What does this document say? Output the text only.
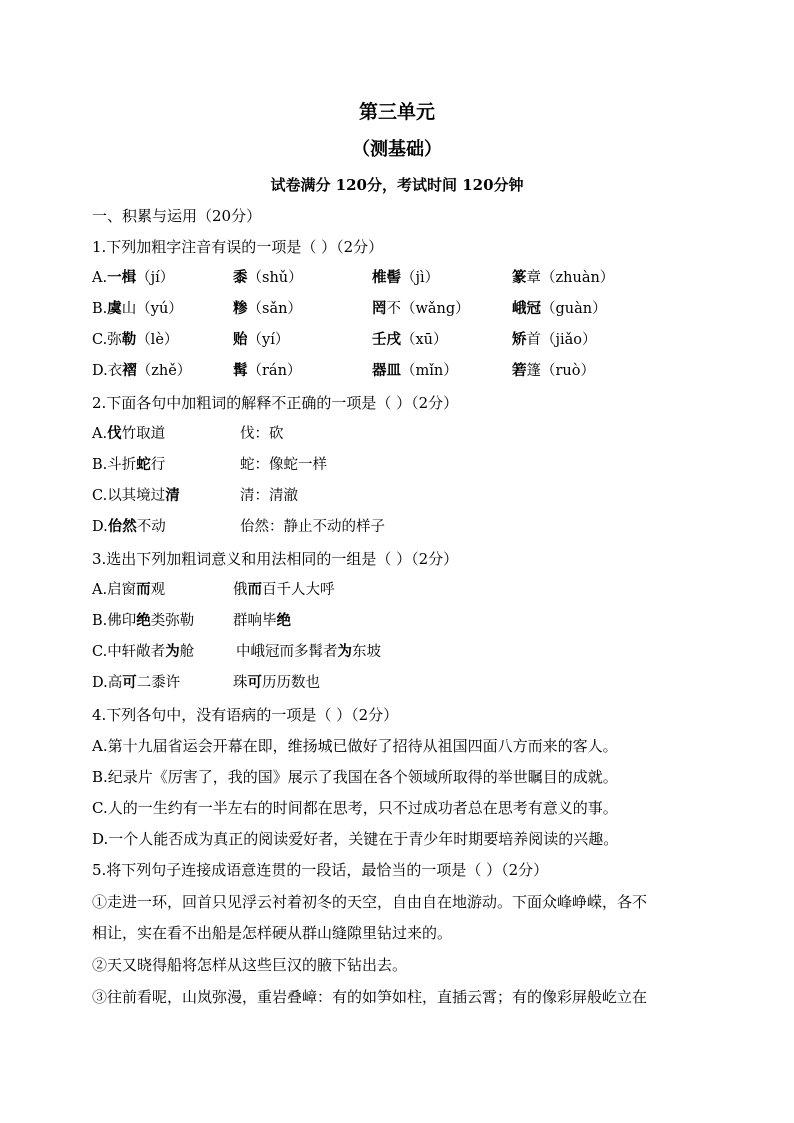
第三单元
（测基础）
试卷满分 120分，考试时间 120分钟
一、积累与运用（20分）
1.下列加粗字注音有误的一项是（ ）（2分）
A.一楫（jí）	黍（shǔ）	椎髻（jì）	篆章（zhuàn）
B.虞山（yú）	糁（sǎn）	罔不（wǎng）	峨冠（guàn）
C.弥勒（lè）	贻（yí）	壬戌（xū）	矫首（jiǎo）
D.衣褶（zhě）	髯（rán）	器皿（mǐn）	箬篷（ruò）
2.下面各句中加粗词的解释不正确的一项是（ ）（2分）
A.伐竹取道	伐：砍
B.斗折蛇行	蛇：像蛇一样
C.以其境过清	清：清澈
D.佁然不动	佁然：静止不动的样子
3.选出下列加粗词意义和用法相同的一组是（ ）（2分）
A.启窗而观	俄而百千人大呼
B.佛印绝类弥勒	群响毕绝
C.中轩敞者为舱	中峨冠而多髯者为东坡
D.高可二黍许	珠可历历数也
4.下列各句中，没有语病的一项是（ ）（2分）
A.第十九届省运会开幕在即，维扬城已做好了招待从祖国四面八方而来的客人。
B.纪录片《厉害了，我的国》展示了我国在各个领域所取得的举世瞩目的成就。
C.人的一生约有一半左右的时间都在思考，只不过成功者总在思考有意义的事。
D.一个人能否成为真正的阅读爱好者，关键在于青少年时期要培养阅读的兴趣。
5.将下列句子连接成语意连贯的一段话，最恰当的一项是（ ）（2分）
①走进一环，回首只见浮云衬着初冬的天空，自由自在地游动。下面众峰峥嵘，各不
相让，实在看不出船是怎样硬从群山缝隙里钻过来的。
②天又晓得船将怎样从这些巨汉的腋下钻出去。
③往前看呢，山岚弥漫，重岩叠嶂：有的如笋如柱，直插云霄；有的像彩屏般屹立在
